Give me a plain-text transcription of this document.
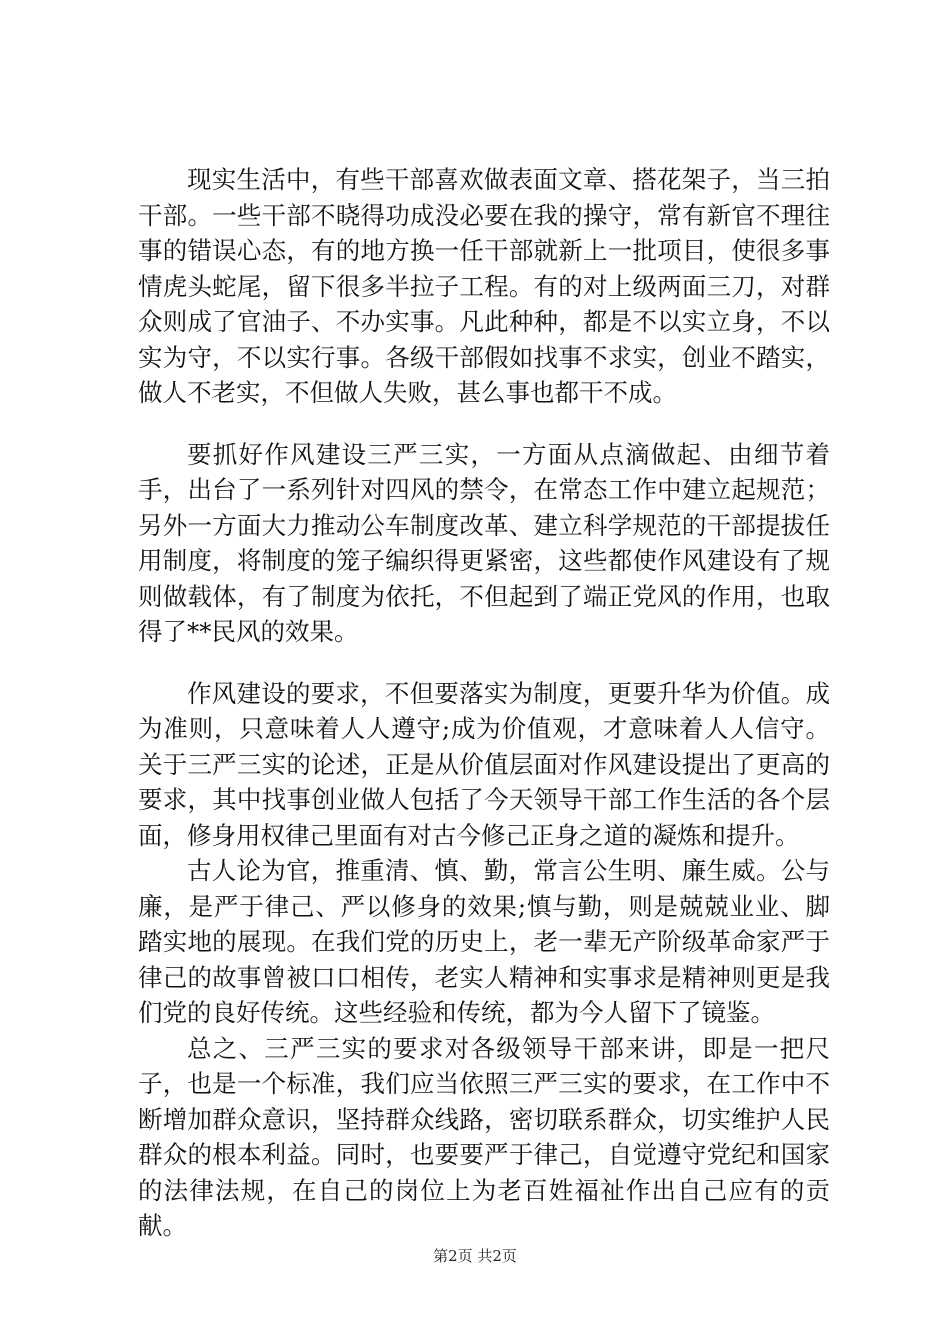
现实生活中，有些干部喜欢做表面文章、搭花架子，当三拍干部。一些干部不晓得功成没必要在我的操守，常有新官不理往事的错误心态，有的地方换一任干部就新上一批项目，使很多事情虎头蛇尾，留下很多半拉子工程。有的对上级两面三刀，对群众则成了官油子、不办实事。凡此种种，都是不以实立身，不以实为守，不以实行事。各级干部假如找事不求实，创业不踏实，做人不老实，不但做人失败，甚么事也都干不成。

要抓好作风建设三严三实，一方面从点滴做起、由细节着手，出台了一系列针对四风的禁令，在常态工作中建立起规范；另外一方面大力推动公车制度改革、建立科学规范的干部提拔任用制度，将制度的笼子编织得更紧密，这些都使作风建设有了规则做载体，有了制度为依托，不但起到了端正党风的作用，也取得了**民风的效果。

作风建设的要求，不但要落实为制度，更要升华为价值。成为准则，只意味着人人遵守;成为价值观，才意味着人人信守。关于三严三实的论述，正是从价值层面对作风建设提出了更高的要求，其中找事创业做人包括了今天领导干部工作生活的各个层面，修身用权律己里面有对古今修己正身之道的凝炼和提升。

古人论为官，推重清、慎、勤，常言公生明、廉生威。公与廉，是严于律己、严以修身的效果;慎与勤，则是兢兢业业、脚踏实地的展现。在我们党的历史上，老一辈无产阶级革命家严于律己的故事曾被口口相传，老实人精神和实事求是精神则更是我们党的良好传统。这些经验和传统，都为今人留下了镜鉴。

总之、三严三实的要求对各级领导干部来讲，即是一把尺子，也是一个标准，我们应当依照三严三实的要求，在工作中不断增加群众意识，坚持群众线路，密切联系群众，切实维护人民群众的根本利益。同时，也要要严于律己，自觉遵守党纪和国家的法律法规，在自己的岗位上为老百姓福祉作出自己应有的贡献。

第2页 共2页
